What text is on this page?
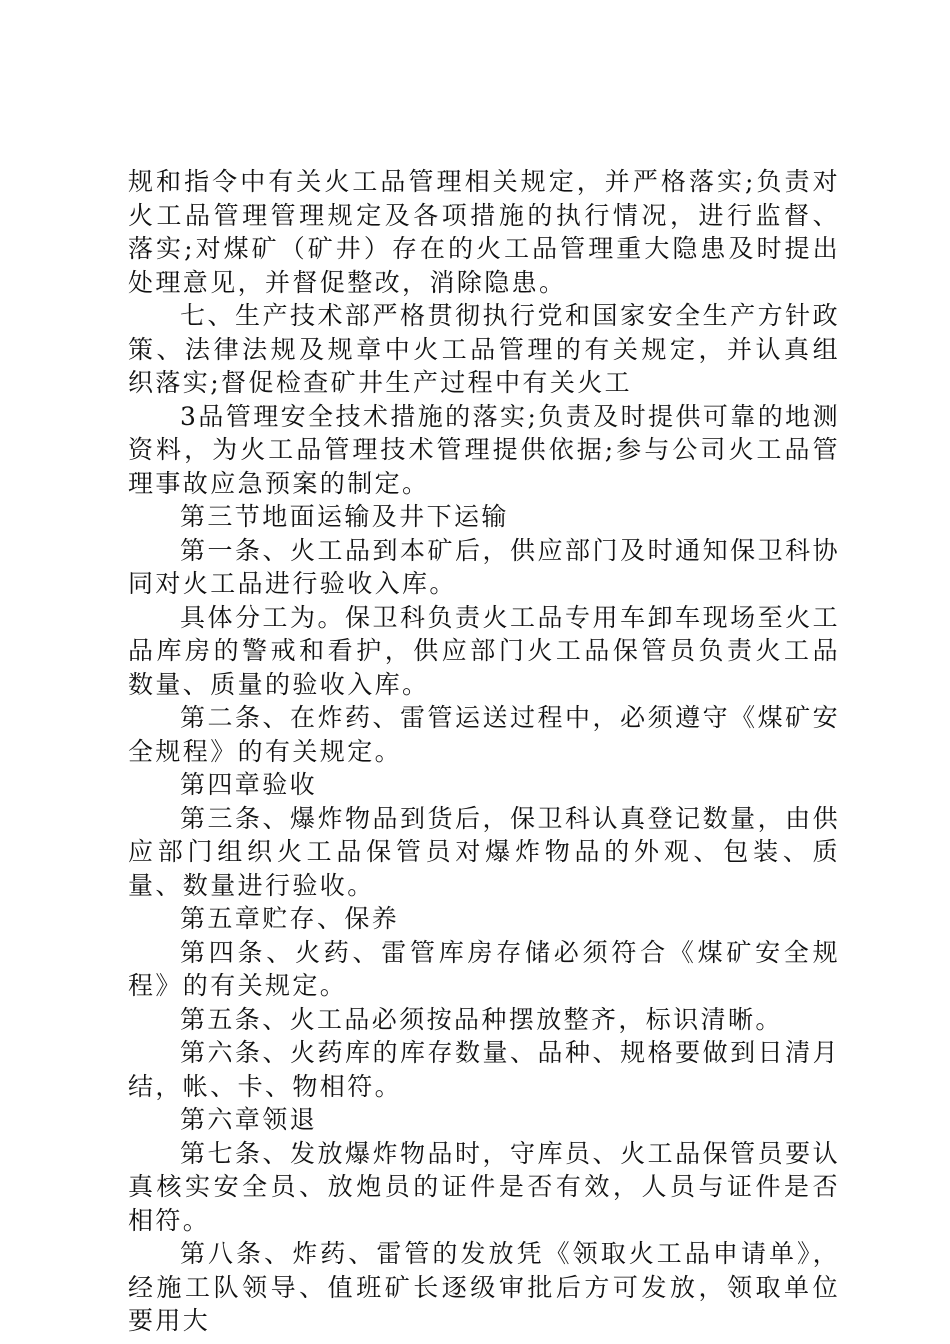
规和指令中有关火工品管理相关规定，并严格落实;负责对火工品管理管理规定及各项措施的执行情况，进行监督、落实;对煤矿（矿井）存在的火工品管理重大隐患及时提出处理意见，并督促整改，消除隐患。

七、生产技术部严格贯彻执行党和国家安全生产方针政策、法律法规及规章中火工品管理的有关规定，并认真组织落实;督促检查矿井生产过程中有关火工

3品管理安全技术措施的落实;负责及时提供可靠的地测资料，为火工品管理技术管理提供依据;参与公司火工品管理事故应急预案的制定。

第三节地面运输及井下运输

第一条、火工品到本矿后，供应部门及时通知保卫科协同对火工品进行验收入库。

具体分工为。保卫科负责火工品专用车卸车现场至火工品库房的警戒和看护，供应部门火工品保管员负责火工品数量、质量的验收入库。

第二条、在炸药、雷管运送过程中，必须遵守《煤矿安全规程》的有关规定。

第四章验收

第三条、爆炸物品到货后，保卫科认真登记数量，由供应部门组织火工品保管员对爆炸物品的外观、包装、质量、数量进行验收。

第五章贮存、保养

第四条、火药、雷管库房存储必须符合《煤矿安全规程》的有关规定。

第五条、火工品必须按品种摆放整齐，标识清晰。

第六条、火药库的库存数量、品种、规格要做到日清月结，帐、卡、物相符。

第六章领退

第七条、发放爆炸物品时，守库员、火工品保管员要认真核实安全员、放炮员的证件是否有效，人员与证件是否相符。

第八条、炸药、雷管的发放凭《领取火工品申请单》，经施工队领导、值班矿长逐级审批后方可发放，领取单位要用大
